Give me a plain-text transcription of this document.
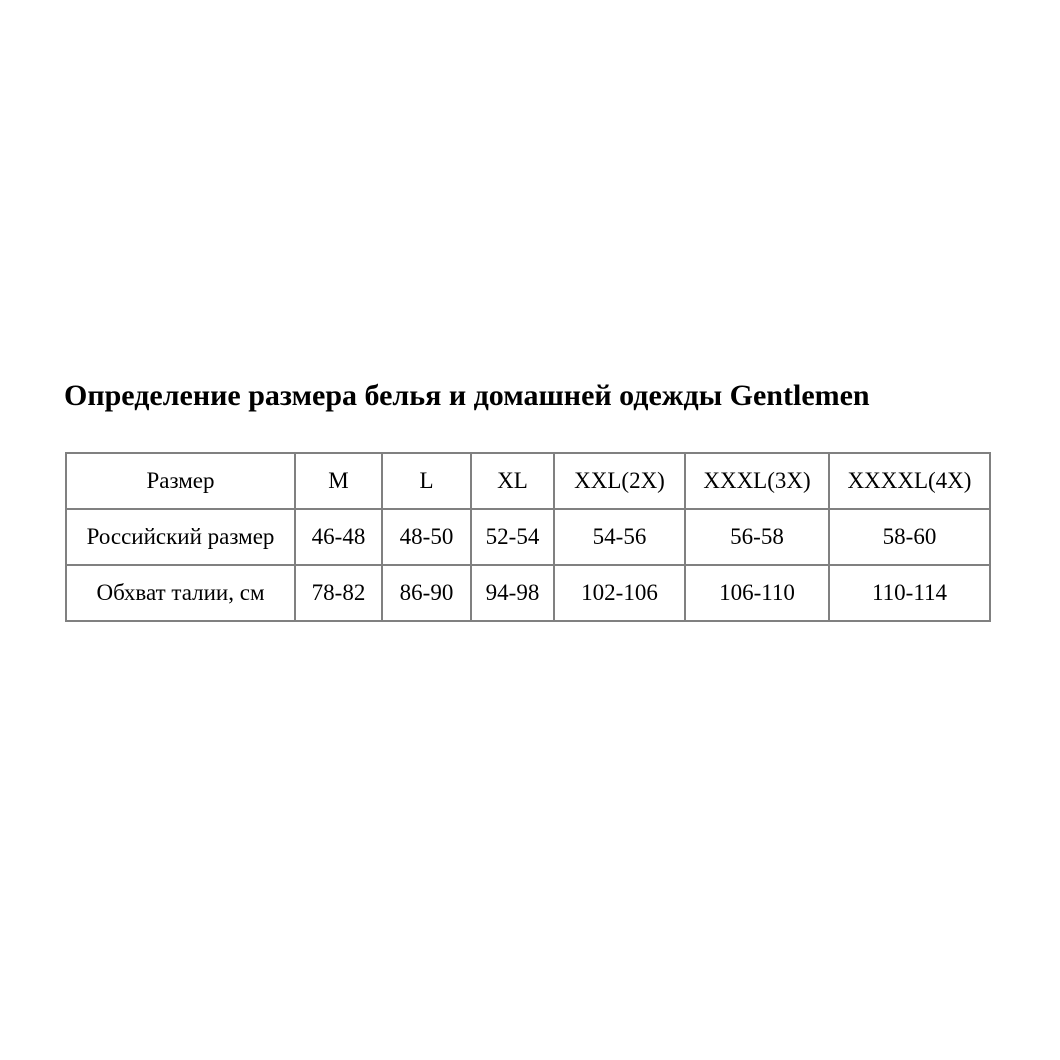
Определение размера белья и домашней одежды Gentlemen
Размер	M	L	XL	XXL(2X)	XXXL(3X)	XXXXL(4X)
Российский размер	46-48	48-50	52-54	54-56	56-58	58-60
Обхват талии, см	78-82	86-90	94-98	102-106	106-110	110-114
